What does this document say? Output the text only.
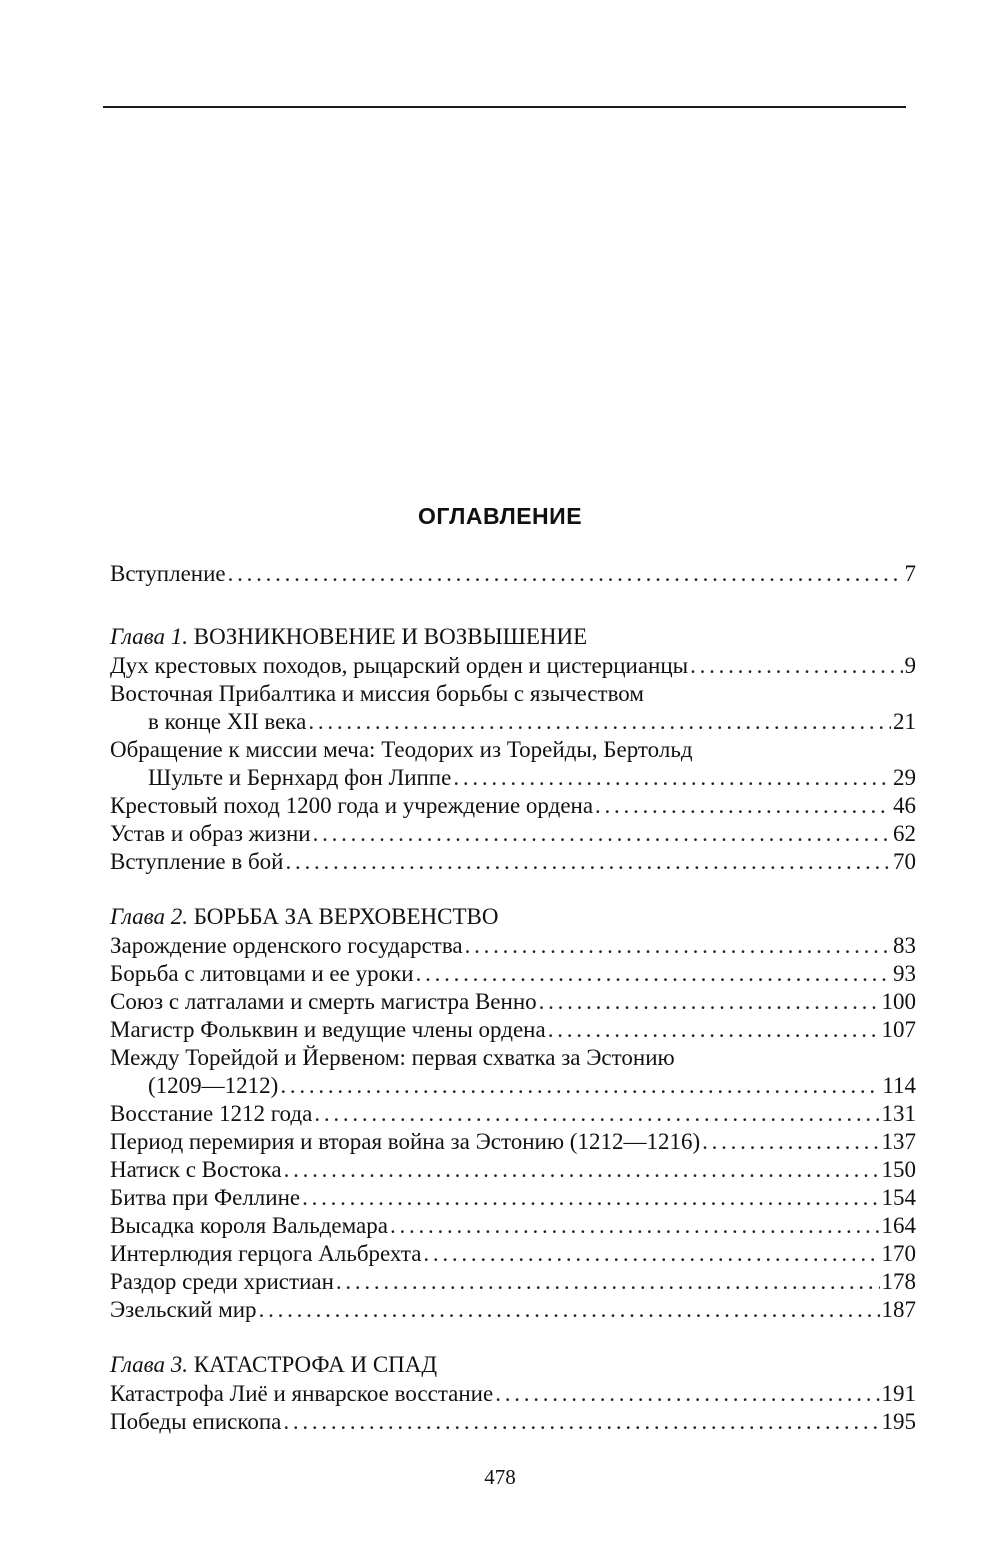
ОГЛАВЛЕНИЕ
Вступление . . .	7
Глава 1. ВОЗНИКНОВЕНИЕ И ВОЗВЫШЕНИЕ
Дух крестовых походов, рыцарский орден и цистерцианцы . . .	9
Восточная Прибалтика и миссия борьбы с язычеством
в конце XII века . . .	21
Обращение к миссии меча: Теодорих из Торейды, Бертольд
Шульте и Бернхард фон Липпе . . .	29
Крестовый поход 1200 года и учреждение ордена . . .	46
Устав и образ жизни . . .	62
Вступление в бой . . .	70
Глава 2. БОРЬБА ЗА ВЕРХОВЕНСТВО
Зарождение орденского государства . . .	83
Борьба с литовцами и ее уроки . . .	93
Союз с латгалами и смерть магистра Венно . . .	100
Магистр Фольквин и ведущие члены ордена . . .	107
Между Торейдой и Йервеном: первая схватка за Эстонию
(1209—1212) . . .	114
Восстание 1212 года . . .	131
Период перемирия и вторая война за Эстонию (1212—1216) . . .	137
Натиск с Востока . . .	150
Битва при Феллине . . .	154
Высадка короля Вальдемара . . .	164
Интерлюдия герцога Альбрехта . . .	170
Раздор среди христиан . . .	178
Эзельский мир . . .	187
Глава 3. КАТАСТРОФА И СПАД
Катастрофа Лиё и январское восстание . . .	191
Победы епископа . . .	195
478
